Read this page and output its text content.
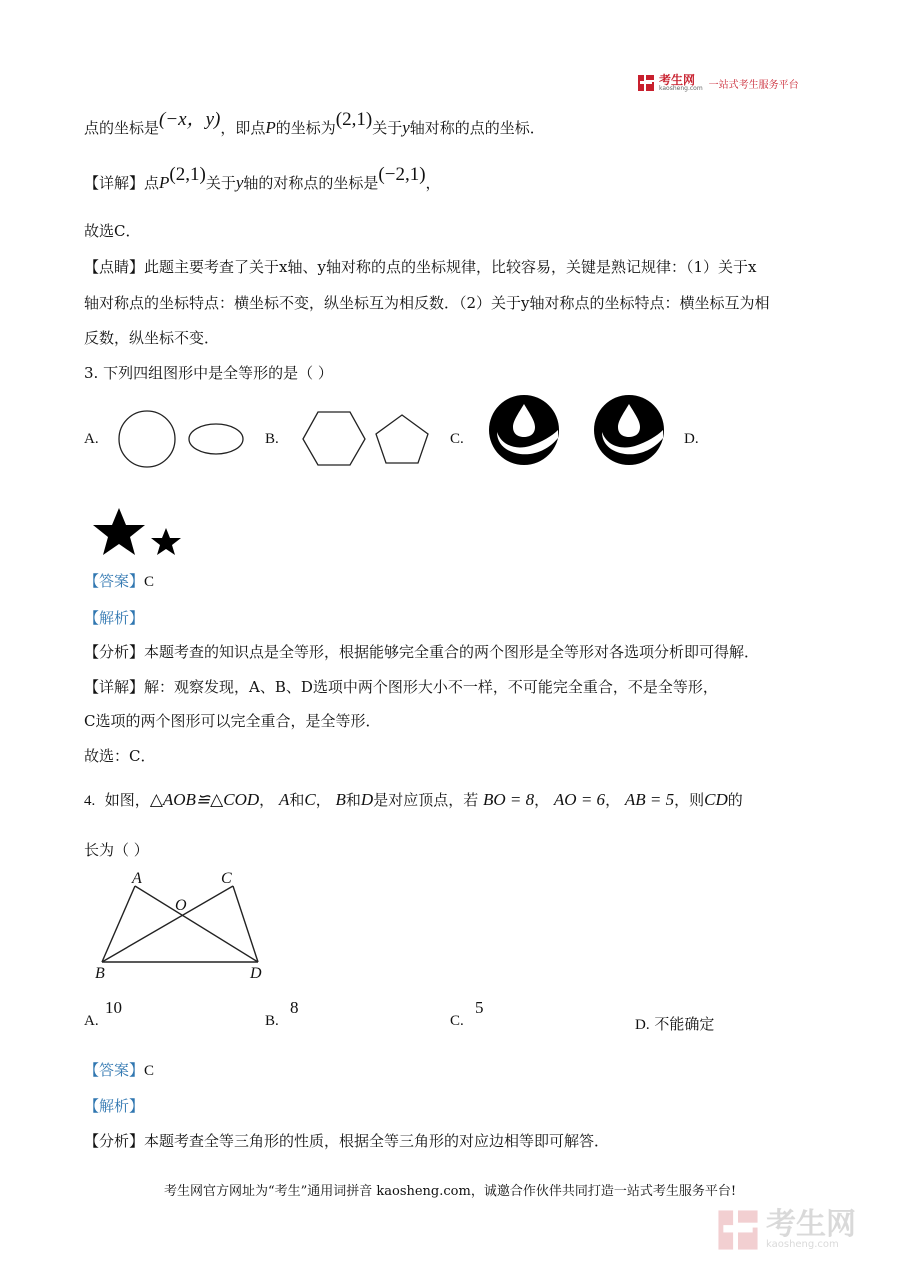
考生网
kaosheng.com 一站式考生服务平台
点的坐标是(−x，y)，即点P的坐标为(2,1)关于y轴对称的点的坐标．
【详解】点P(2,1)关于y轴的对称点的坐标是(−2,1)，
故选C．
【点睛】此题主要考查了关于x轴、y轴对称的点的坐标规律，比较容易，关键是熟记规律：（1）关于x
轴对称点的坐标特点：横坐标不变，纵坐标互为相反数．（2）关于y轴对称点的坐标特点：横坐标互为相
反数，纵坐标不变．
3. 下列四组图形中是全等形的是（ ）
A.	B.	C.	D.
【答案】C
【解析】
【分析】本题考查的知识点是全等形，根据能够完全重合的两个图形是全等形对各选项分析即可得解．
【详解】解：观察发现，A、B、D选项中两个图形大小不一样，不可能完全重合，不是全等形，
C选项的两个图形可以完全重合，是全等形．
故选：C．
4. 如图，△AOB≌△COD， A和C， B和D是对应顶点，若 BO = 8， AO = 6， AB = 5，则CD的
长为（ ）
A	C
O
B	D
A.
10
B.
8
C.
5
D. 不能确定
【答案】C
【解析】
【分析】本题考查全等三角形的性质，根据全等三角形的对应边相等即可解答．
考生网官方网址为“考生”通用词拼音 kaosheng.com，诚邀合作伙伴共同打造一站式考生服务平台!
考生网
kaosheng.com
